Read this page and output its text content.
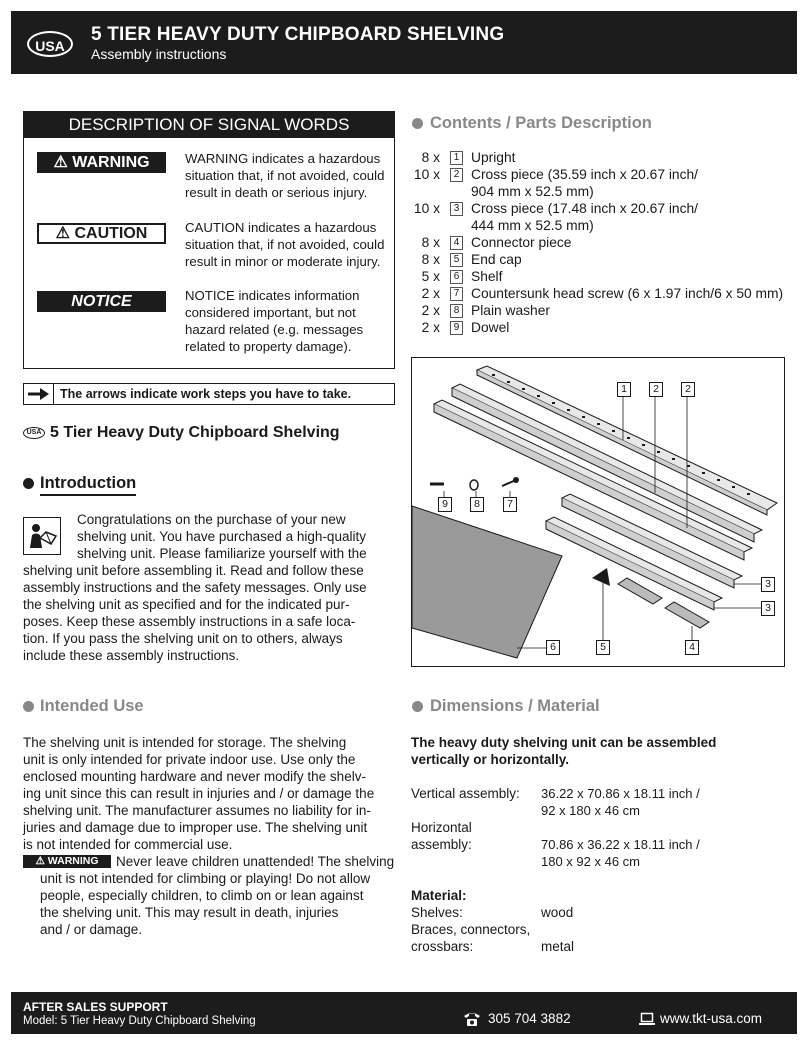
USA
5 TIER HEAVY DUTY CHIPBOARD SHELVING
Assembly instructions
DESCRIPTION OF SIGNAL WORDS
⚠ WARNING	WARNING indicates a hazardous
situation that, if not avoided, could
result in death or serious injury.
⚠ CAUTION	CAUTION indicates a hazardous
situation that, if not avoided, could
result in minor or moderate injury.
NOTICE	NOTICE indicates information
considered important, but not
hazard related (e.g. messages
related to property damage).
The arrows indicate work steps you have to take.
USA 5 Tier Heavy Duty Chipboard Shelving
Introduction
Congratulations on the purchase of your new
shelving unit. You have purchased a high-quality
shelving unit. Please familiarize yourself with the
shelving unit before assembling it. Read and follow these
assembly instructions and the safety messages. Only use
the shelving unit as specified and for the indicated pur-
poses. Keep these assembly instructions in a safe loca-
tion. If you pass the shelving unit on to others, always
include these assembly instructions.
Intended Use
The shelving unit is intended for storage. The shelving
unit is only intended for private indoor use. Use only the
enclosed mounting hardware and never modify the shelv-
ing unit since this can result in injuries and / or damage the
shelving unit. The manufacturer assumes no liability for in-
juries and damage due to improper use. The shelving unit
is not intended for commercial use.
⚠ WARNING	Never leave children unattended! The shelving
unit is not intended for climbing or playing! Do not allow
people, especially children, to climb on or lean against
the shelving unit. This may result in death, injuries
and / or damage.
Contents / Parts Description
8 x	1 Upright
10 x	2 Cross piece (35.59 inch x 20.67 inch/
904 mm x 52.5 mm)
10 x	3 Cross piece (17.48 inch x 20.67 inch/
444 mm x 52.5 mm)
8 x	4 Connector piece
8 x	5 End cap
5 x	6 Shelf
2 x	7 Countersunk head screw (6 x 1.97 inch/6 x 50 mm)
2 x	8 Plain washer
2 x	9 Dowel
1	2	2
9	8	7
3
3
6	5	4
Dimensions / Material
The heavy duty shelving unit can be assembled
vertically or horizontally.
Vertical assembly: 36.22 x 70.86 x 18.11 inch /
92 x 180 x 46 cm
Horizontal
assembly:	70.86 x 36.22 x 18.11 inch /
180 x 92 x 46 cm
Material:
Shelves:	wood
Braces, connectors,
crossbars:	metal
AFTER SALES SUPPORT
Model: 5 Tier Heavy Duty Chipboard Shelving	305 704 3882	www.tkt-usa.com
